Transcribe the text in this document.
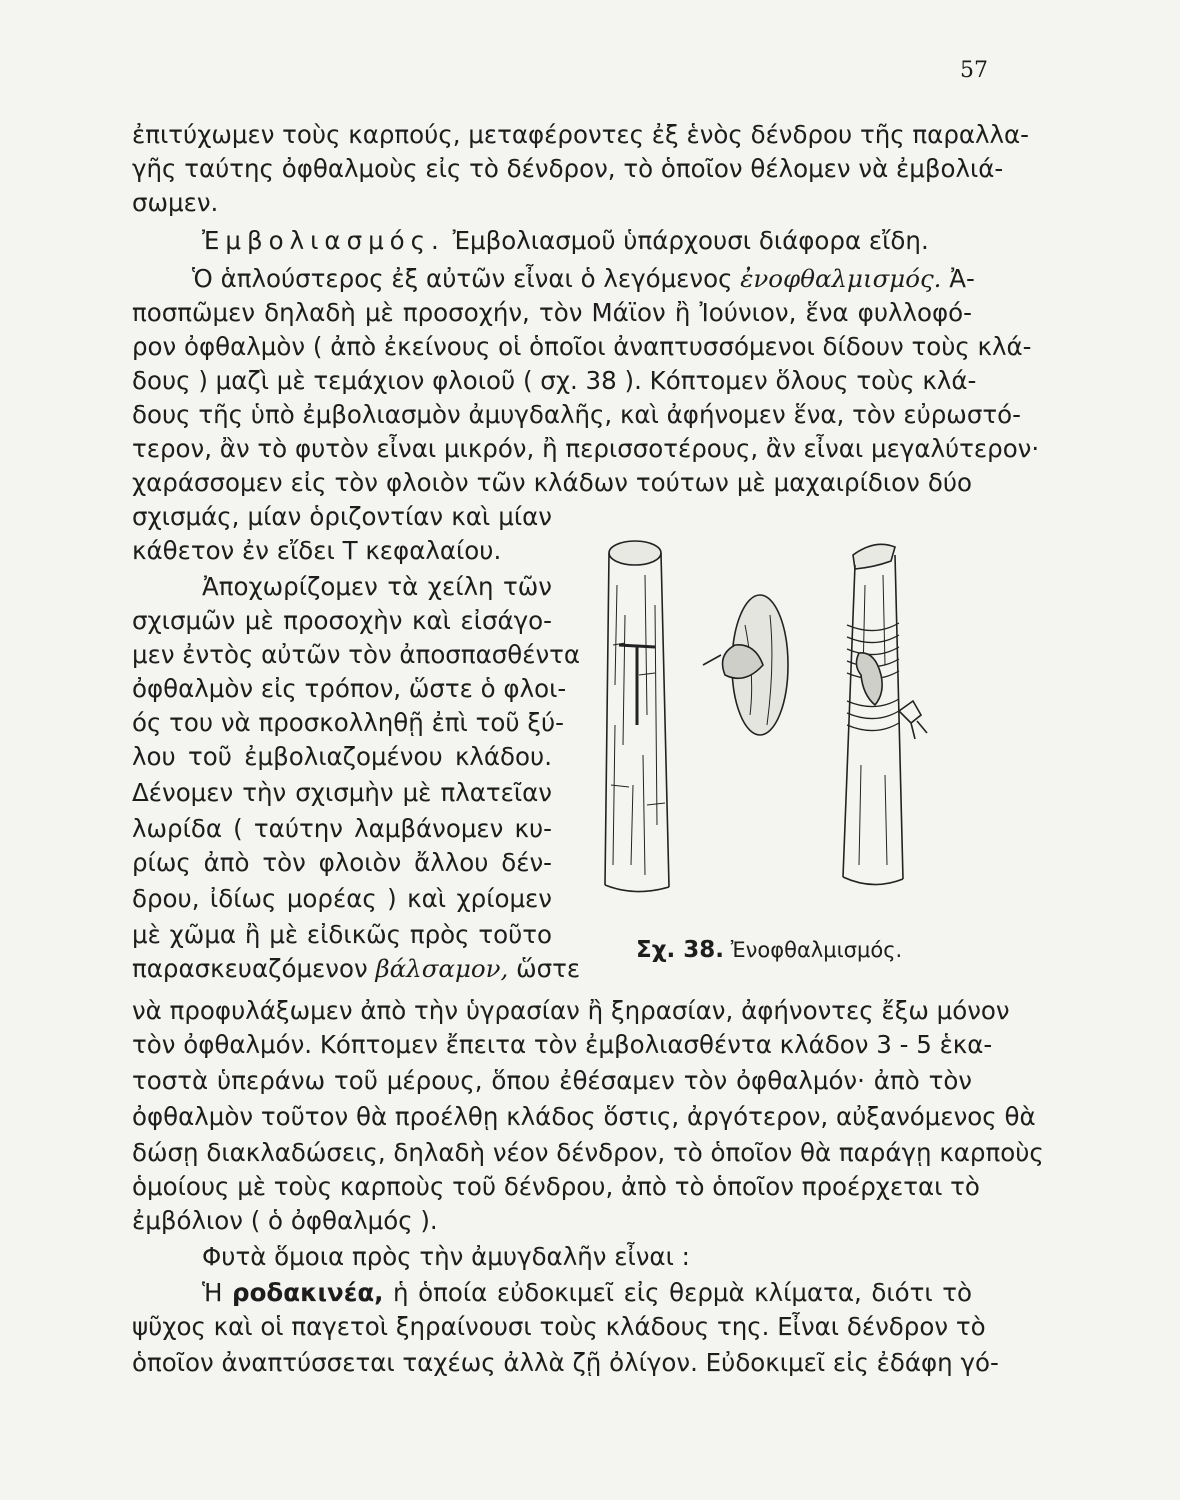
57
ἐπιτύχωμεν τοὺς καρπούς, μεταφέροντες ἐξ ἑνὸς δένδρου τῆς παραλλα-
γῆς ταύτης ὀφθαλμοὺς εἰς τὸ δένδρον, τὸ ὁποῖον θέλομεν νὰ ἐμβολιά-
σωμεν.
Ἐμβολιασμός. Ἐμβολιασμοῦ ὑπάρχουσι διάφορα εἴδη.
Ὁ ἁπλούστερος ἐξ αὐτῶν εἶναι ὁ λεγόμενος ἐνοφθαλμισμός. Ἀ-
ποσπῶμεν δηλαδὴ μὲ προσοχήν, τὸν Μάϊον ἢ Ἰούνιον, ἕνα φυλλοφό-
ρον ὀφθαλμὸν ( ἀπὸ ἐκείνους οἱ ὁποῖοι ἀναπτυσσόμενοι δίδουν τοὺς κλά-
δους ) μαζὶ μὲ τεμάχιον φλοιοῦ ( σχ. 38 ). Κόπτομεν ὅλους τοὺς κλά-
δους τῆς ὑπὸ ἐμβολιασμὸν ἀμυγδαλῆς, καὶ ἀφήνομεν ἕνα, τὸν εὐρωστό-
τερον, ἂν τὸ φυτὸν εἶναι μικρόν, ἢ περισσοτέρους, ἂν εἶναι μεγαλύτερον·
χαράσσομεν εἰς τὸν φλοιὸν τῶν κλάδων τούτων μὲ μαχαιρίδιον δύο
σχισμάς, μίαν ὁριζοντίαν καὶ μίαν
κάθετον ἐν εἴδει Τ κεφαλαίου.
Ἀποχωρίζομεν τὰ χείλη τῶν
σχισμῶν μὲ προσοχὴν καὶ εἰσάγο-
μεν ἐντὸς αὐτῶν τὸν ἀποσπασθέντα
ὀφθαλμὸν εἰς τρόπον, ὥστε ὁ φλοι-
ός του νὰ προσκολληθῇ ἐπὶ τοῦ ξύ-
λου τοῦ ἐμβολιαζομένου κλάδου.
Δένομεν τὴν σχισμὴν μὲ πλατεῖαν
λωρίδα ( ταύτην λαμβάνομεν κυ-
ρίως ἀπὸ τὸν φλοιὸν ἄλλου δέν-
δρου, ἰδίως μορέας ) καὶ χρίομεν
μὲ χῶμα ἢ μὲ εἰδικῶς πρὸς τοῦτο
παρασκευαζόμενον βάλσαμον, ὥστε
νὰ προφυλάξωμεν ἀπὸ τὴν ὑγρασίαν ἢ ξηρασίαν, ἀφήνοντες ἔξω μόνον
τὸν ὀφθαλμόν. Κόπτομεν ἔπειτα τὸν ἐμβολιασθέντα κλάδον 3 - 5 ἑκα-
τοστὰ ὑπεράνω τοῦ μέρους, ὅπου ἐθέσαμεν τὸν ὀφθαλμόν· ἀπὸ τὸν
ὀφθαλμὸν τοῦτον θὰ προέλθῃ κλάδος ὅστις, ἀργότερον, αὐξανόμενος θὰ
δώσῃ διακλαδώσεις, δηλαδὴ νέον δένδρον, τὸ ὁποῖον θὰ παράγῃ καρποὺς
ὁμοίους μὲ τοὺς καρποὺς τοῦ δένδρου, ἀπὸ τὸ ὁποῖον προέρχεται τὸ
ἐμβόλιον ( ὁ ὀφθαλμός ).
Φυτὰ ὅμοια πρὸς τὴν ἀμυγδαλῆν εἶναι :
Ἡ ροδακινέα, ἡ ὁποία εὐδοκιμεῖ εἰς θερμὰ κλίματα, διότι τὸ
ψῦχος καὶ οἱ παγετοὶ ξηραίνουσι τοὺς κλάδους της. Εἶναι δένδρον τὸ
ὁποῖον ἀναπτύσσεται ταχέως ἀλλὰ ζῇ ὀλίγον. Εὐδοκιμεῖ εἰς ἐδάφη γό-
Σχ. 38. Ἐνοφθαλμισμός.
